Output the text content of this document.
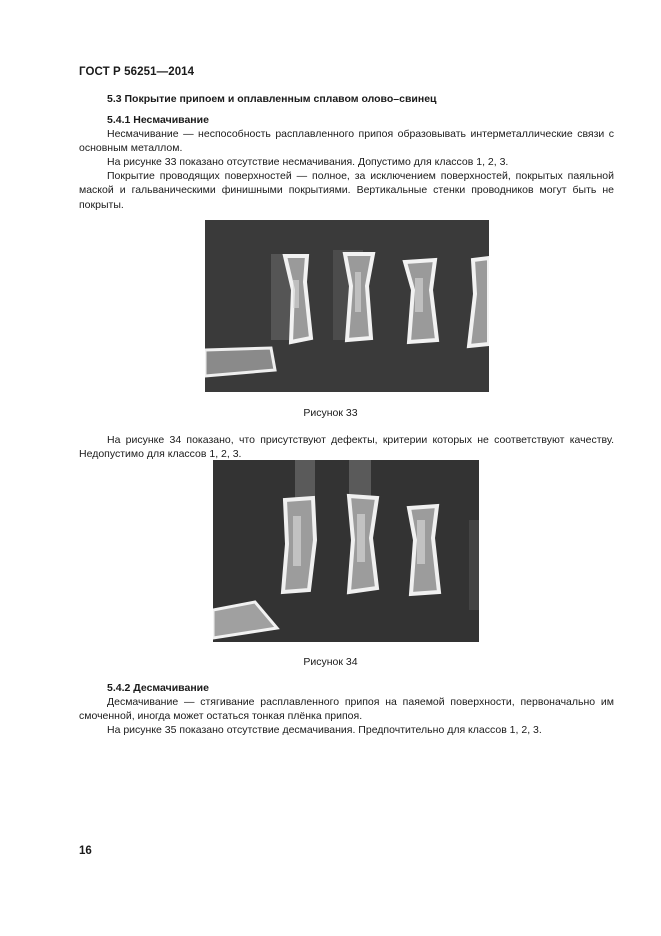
ГОСТ Р 56251—2014
5.3 Покрытие припоем и оплавленным сплавом олово–свинец
5.4.1 Несмачивание
Несмачивание — неспособность расплавленного припоя образовывать интерметаллические связи с основным металлом.
На рисунке 33 показано отсутствие несмачивания. Допустимо для классов 1, 2, 3.
Покрытие проводящих поверхностей — полное, за исключением поверхностей, покрытых паяльной маской и гальваническими финишными покрытиями. Вертикальные стенки проводников могут быть не покрыты.
Рисунок 33
На рисунке 34 показано, что присутствуют дефекты, критерии которых не соответствуют качеству. Недопустимо для классов 1, 2, 3.
Рисунок 34
5.4.2 Десмачивание
Десмачивание — стягивание расплавленного припоя на паяемой поверхности, первоначально им смоченной, иногда может остаться тонкая плёнка припоя.
На рисунке 35 показано отсутствие десмачивания. Предпочтительно для классов 1, 2, 3.
16
